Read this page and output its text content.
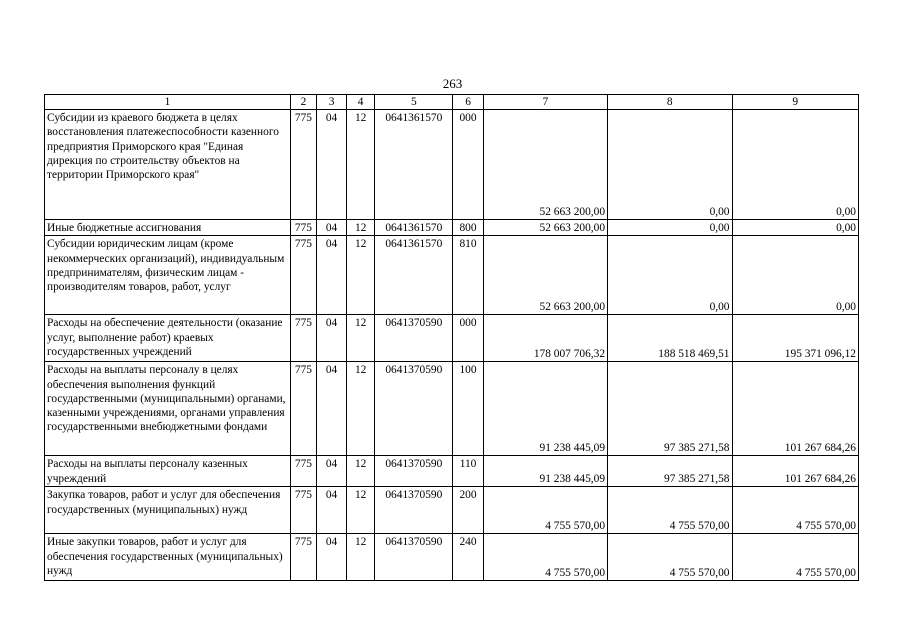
263
1	2	3	4	5	6	7	8	9
Субсидии из краевого бюджета в целях восстановления платежеспособности казенного предприятия Приморского края "Единая дирекция по строительству объектов на территории Приморского края"	775	04	12	0641361570	000	52 663 200,00	0,00	0,00
Иные бюджетные ассигнования	775	04	12	0641361570	800	52 663 200,00	0,00	0,00
Субсидии юридическим лицам (кроме некоммерческих организаций), индивидуальным предпринимателям, физическим лицам - производителям товаров, работ, услуг	775	04	12	0641361570	810	52 663 200,00	0,00	0,00
Расходы на обеспечение деятельности (оказание услуг, выполнение работ) краевых государственных учреждений	775	04	12	0641370590	000	178 007 706,32	188 518 469,51	195 371 096,12
Расходы на выплаты персоналу в целях обеспечения выполнения функций государственными (муниципальными) органами, казенными учреждениями, органами управления государственными внебюджетными фондами	775	04	12	0641370590	100	91 238 445,09	97 385 271,58	101 267 684,26
Расходы на выплаты персоналу казенных учреждений	775	04	12	0641370590	110	91 238 445,09	97 385 271,58	101 267 684,26
Закупка товаров, работ и услуг для обеспечения государственных (муниципальных) нужд	775	04	12	0641370590	200	4 755 570,00	4 755 570,00	4 755 570,00
Иные закупки товаров, работ и услуг для обеспечения государственных (муниципальных) нужд	775	04	12	0641370590	240	4 755 570,00	4 755 570,00	4 755 570,00
